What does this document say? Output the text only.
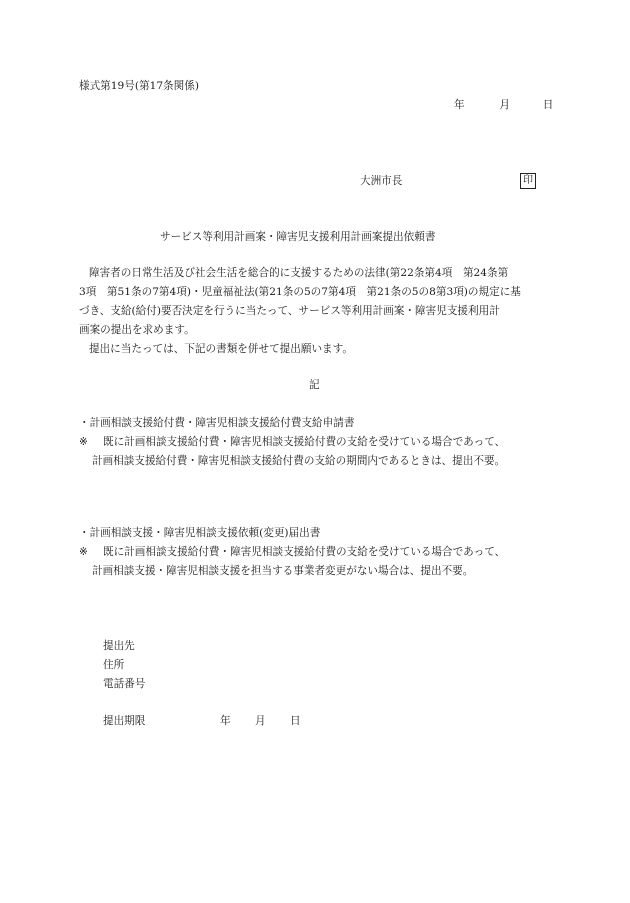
様式第19号(第17条関係)
年	月	日
大洲市長	印
サービス等利用計画案・障害児支援利用計画案提出依頼書
障害者の日常生活及び社会生活を総合的に支援するための法律(第22条第4項　第24条第
3項　第51条の7第4項)・児童福祉法(第21条の5の7第4項　第21条の5の8第3項)の規定に基
づき、支給(給付)要否決定を行うに当たって、サービス等利用計画案・障害児支援利用計
画案の提出を求めます。
提出に当たっては、下記の書類を併せて提出願います。
記
・計画相談支援給付費・障害児相談支援給付費支給申請書
※ 既に計画相談支援給付費・障害児相談支援給付費の支給を受けている場合であって、
計画相談支援給付費・障害児相談支援給付費の支給の期間内であるときは、提出不要。
・計画相談支援・障害児相談支援依頼(変更)届出書
※ 既に計画相談支援給付費・障害児相談支援給付費の支給を受けている場合であって、
計画相談支援・障害児相談支援を担当する事業者変更がない場合は、提出不要。
提出先
住所
電話番号
提出期限	年 月 日
